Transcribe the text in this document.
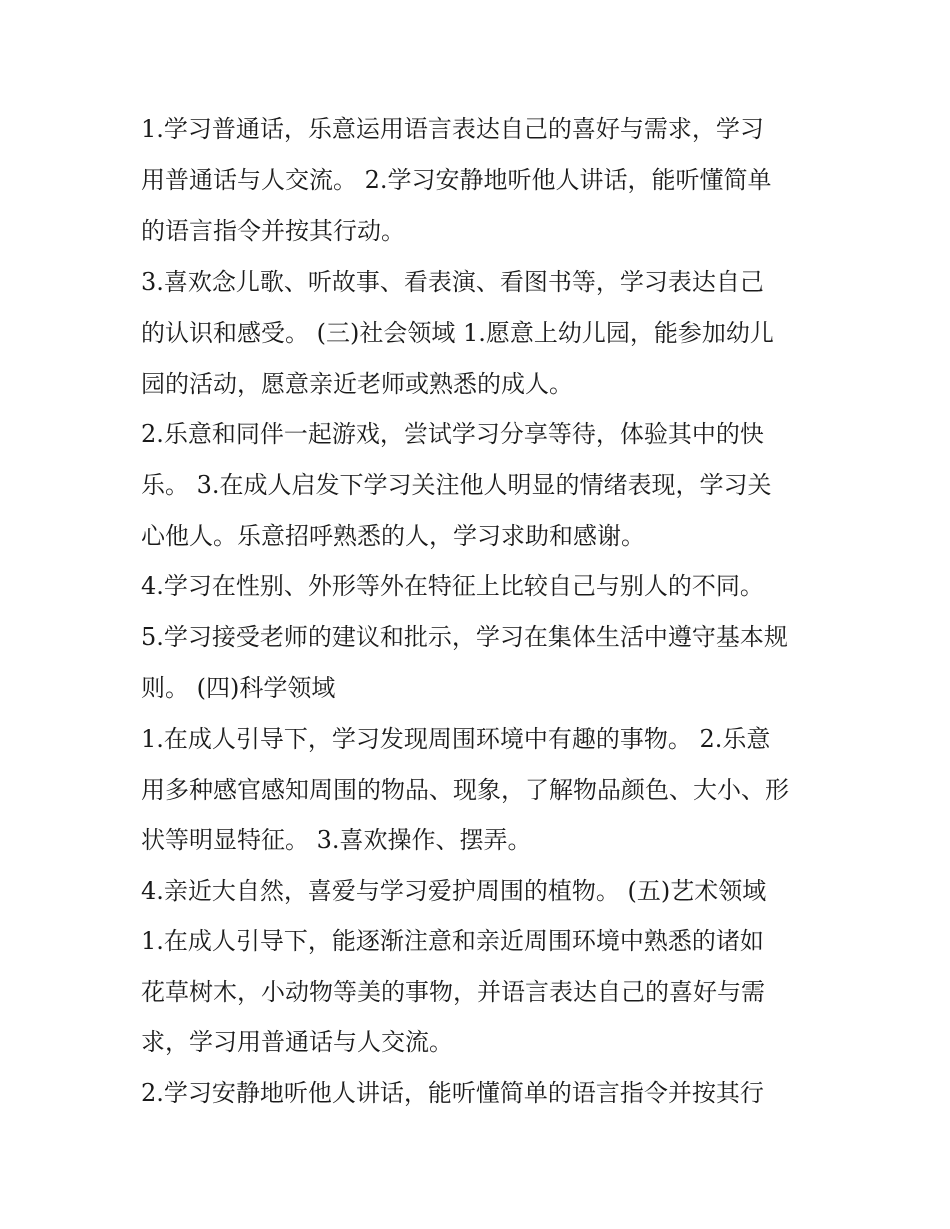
1.学习普通话，乐意运用语言表达自己的喜好与需求，学习
用普通话与人交流。 2.学习安静地听他人讲话，能听懂简单
的语言指令并按其行动。
3.喜欢念儿歌、听故事、看表演、看图书等，学习表达自己
的认识和感受。 (三)社会领域 1.愿意上幼儿园，能参加幼儿
园的活动，愿意亲近老师或熟悉的成人。
2.乐意和同伴一起游戏，尝试学习分享等待，体验其中的快
乐。 3.在成人启发下学习关注他人明显的情绪表现，学习关
心他人。乐意招呼熟悉的人，学习求助和感谢。
4.学习在性别、外形等外在特征上比较自己与别人的不同。
5.学习接受老师的建议和批示，学习在集体生活中遵守基本规
则。 (四)科学领域
1.在成人引导下，学习发现周围环境中有趣的事物。 2.乐意
用多种感官感知周围的物品、现象，了解物品颜色、大小、形
状等明显特征。 3.喜欢操作、摆弄。
4.亲近大自然，喜爱与学习爱护周围的植物。 (五)艺术领域
1.在成人引导下，能逐渐注意和亲近周围环境中熟悉的诸如
花草树木，小动物等美的事物，并语言表达自己的喜好与需
求，学习用普通话与人交流。
2.学习安静地听他人讲话，能听懂简单的语言指令并按其行
